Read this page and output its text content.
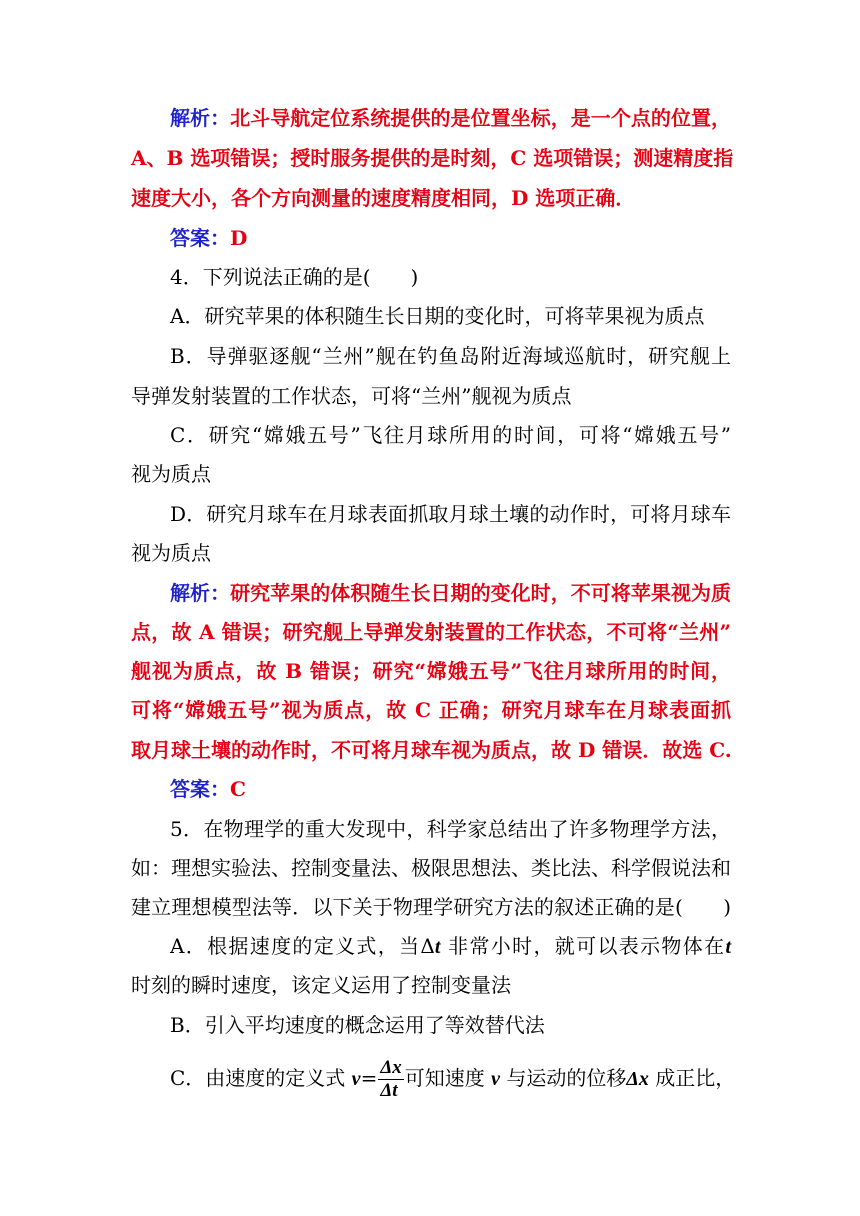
解析：北斗导航定位系统提供的是位置坐标，是一个点的位置，
A、B 选项错误；授时服务提供的是时刻，C 选项错误；测速精度指
速度大小，各个方向测量的速度精度相同，D 选项正确．
答案：D
4．下列说法正确的是(　　)
A．研究苹果的体积随生长日期的变化时，可将苹果视为质点
B．导弹驱逐舰“兰州”舰在钓鱼岛附近海域巡航时，研究舰上
导弹发射装置的工作状态，可将“兰州”舰视为质点
C．研究“嫦娥五号”飞往月球所用的时间，可将“嫦娥五号”
视为质点
D．研究月球车在月球表面抓取月球土壤的动作时，可将月球车
视为质点
解析：研究苹果的体积随生长日期的变化时，不可将苹果视为质
点，故 A 错误；研究舰上导弹发射装置的工作状态，不可将“兰州”
舰视为质点，故 B 错误；研究“嫦娥五号”飞往月球所用的时间，
可将“嫦娥五号”视为质点，故 C 正确；研究月球车在月球表面抓
取月球土壤的动作时，不可将月球车视为质点，故 D 错误．故选 C.
答案：C
5．在物理学的重大发现中，科学家总结出了许多物理学方法，
如：理想实验法、控制变量法、极限思想法、类比法、科学假说法和
建立理想模型法等．以下关于物理学研究方法的叙述正确的是(　　)
A．根据速度的定义式，当Δt 非常小时，就可以表示物体在t
时刻的瞬时速度，该定义运用了控制变量法
B．引入平均速度的概念运用了等效替代法
C．由速度的定义式 $v= \frac{\Delta x}{\Delta t}$ 可知速度 v 与运动的位移Δx 成正比，
